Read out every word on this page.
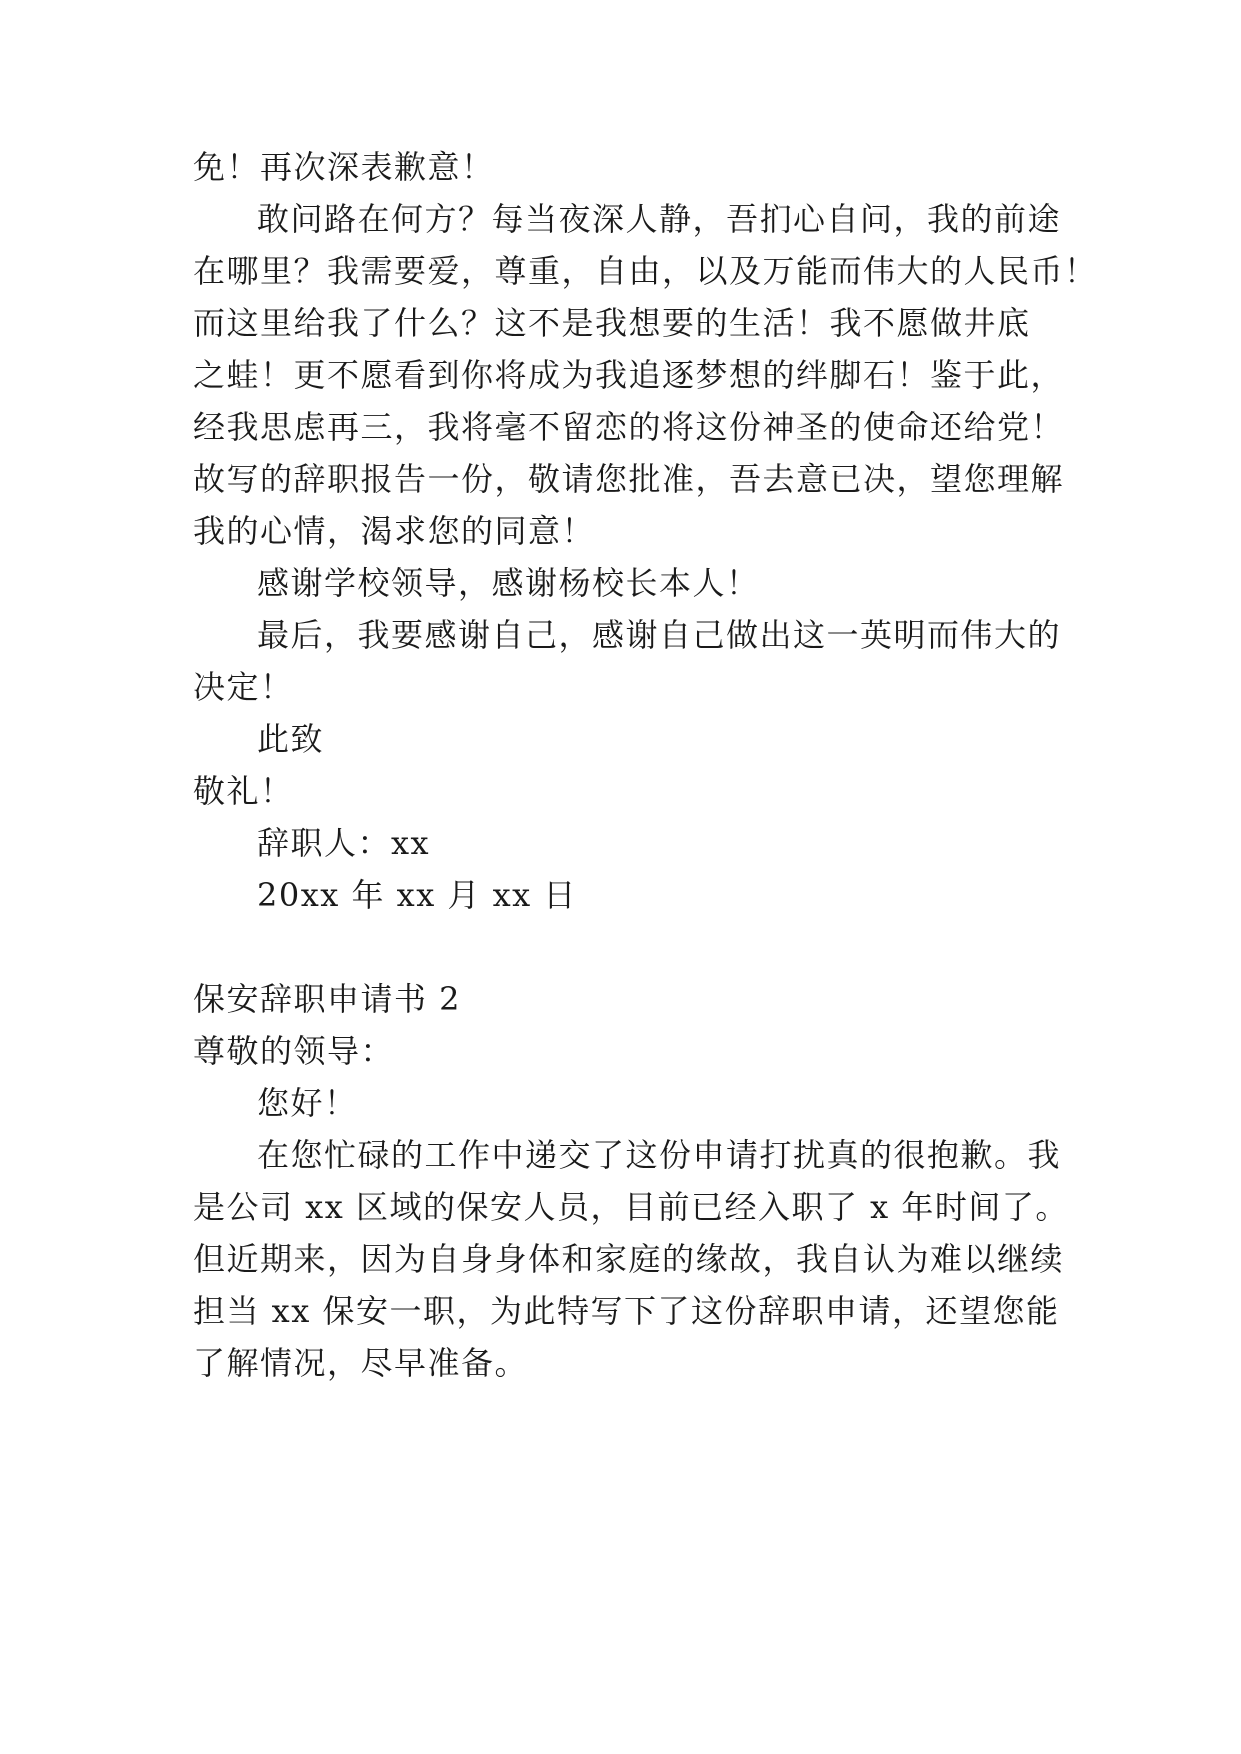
免！再次深表歉意！
敢问路在何方？每当夜深人静，吾扪心自问，我的前途
在哪里？我需要爱，尊重，自由，以及万能而伟大的人民币！
而这里给我了什么？这不是我想要的生活！我不愿做井底
之蛙！更不愿看到你将成为我追逐梦想的绊脚石！鉴于此，
经我思虑再三，我将毫不留恋的将这份神圣的使命还给党！
故写的辞职报告一份，敬请您批准，吾去意已决，望您理解
我的心情，渴求您的同意！
感谢学校领导，感谢杨校长本人！
最后，我要感谢自己，感谢自己做出这一英明而伟大的
决定！
此致
敬礼！
辞职人：xx
20xx 年 xx 月 xx 日
保安辞职申请书 2
尊敬的领导：
您好！
在您忙碌的工作中递交了这份申请打扰真的很抱歉。我
是公司 xx 区域的保安人员，目前已经入职了 x 年时间了。
但近期来，因为自身身体和家庭的缘故，我自认为难以继续
担当 xx 保安一职，为此特写下了这份辞职申请，还望您能
了解情况，尽早准备。
